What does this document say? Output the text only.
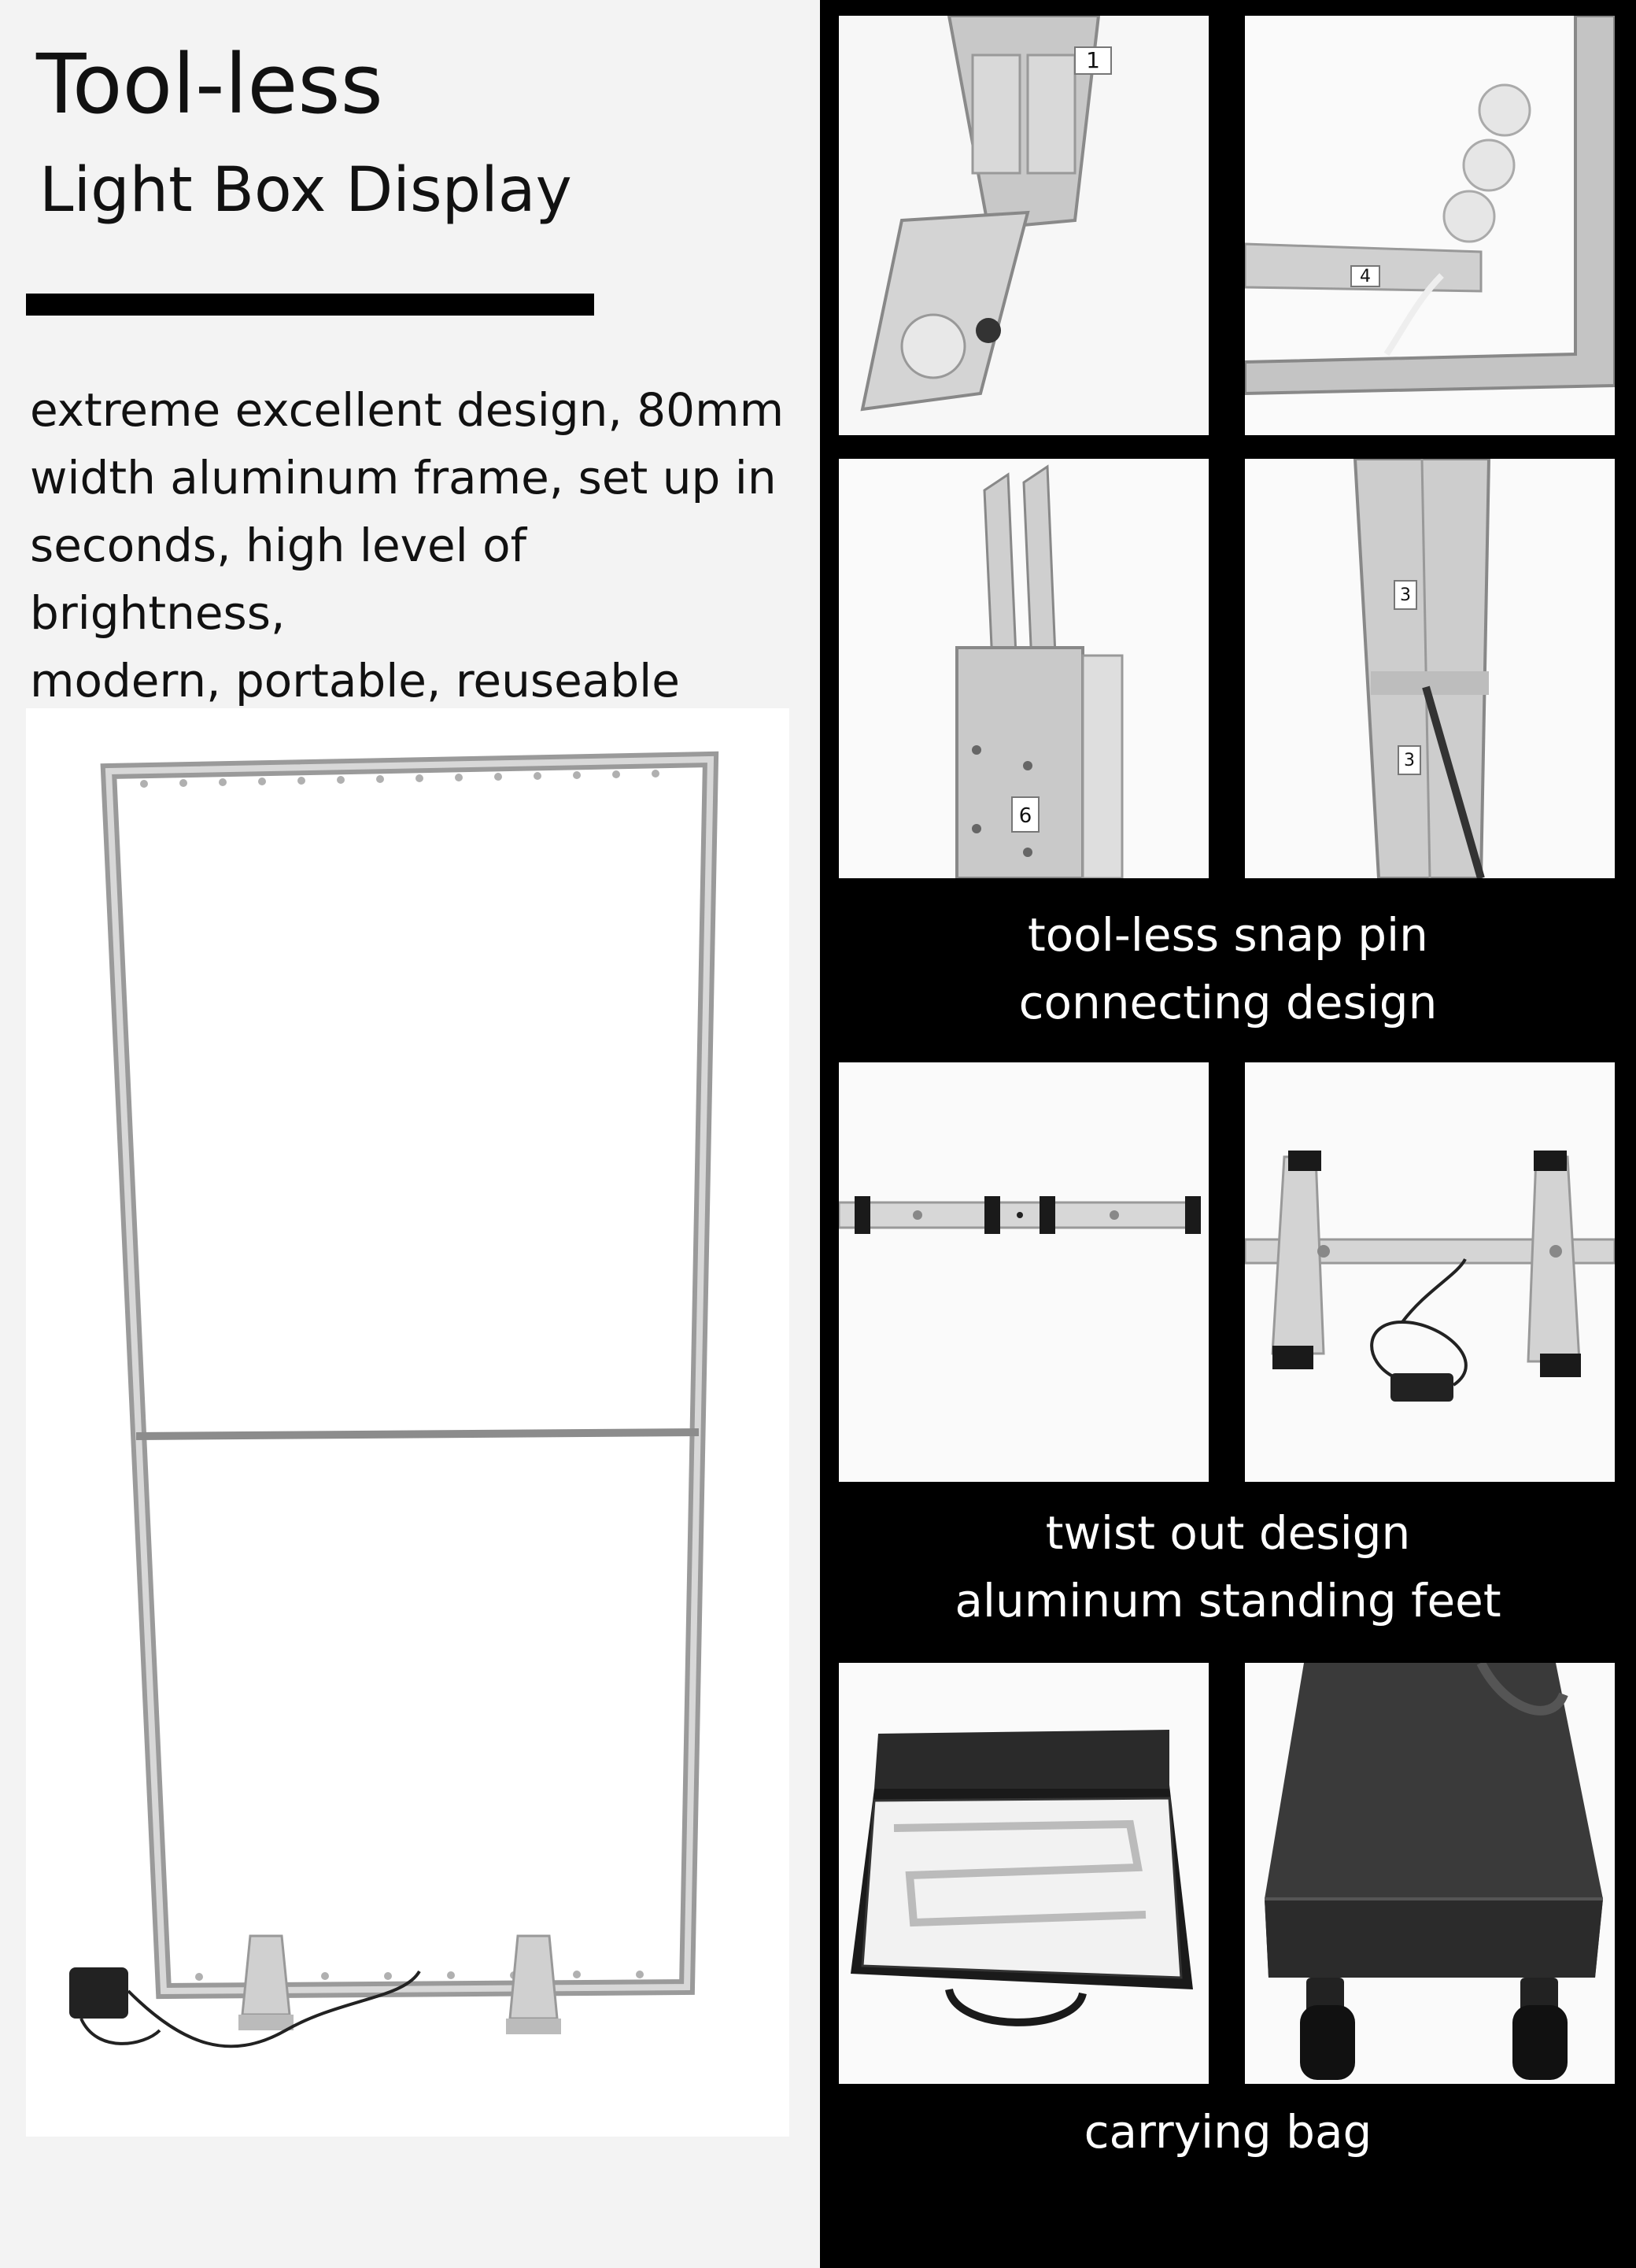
Tool-less
Light Box Display
extreme excellent design, 80mm
width aluminum frame, set up in
seconds, high level of brightness,
modern, portable, reuseable
1
4
6
3
3
tool-less snap pin
connecting design
twist out design
aluminum standing feet
carrying bag
